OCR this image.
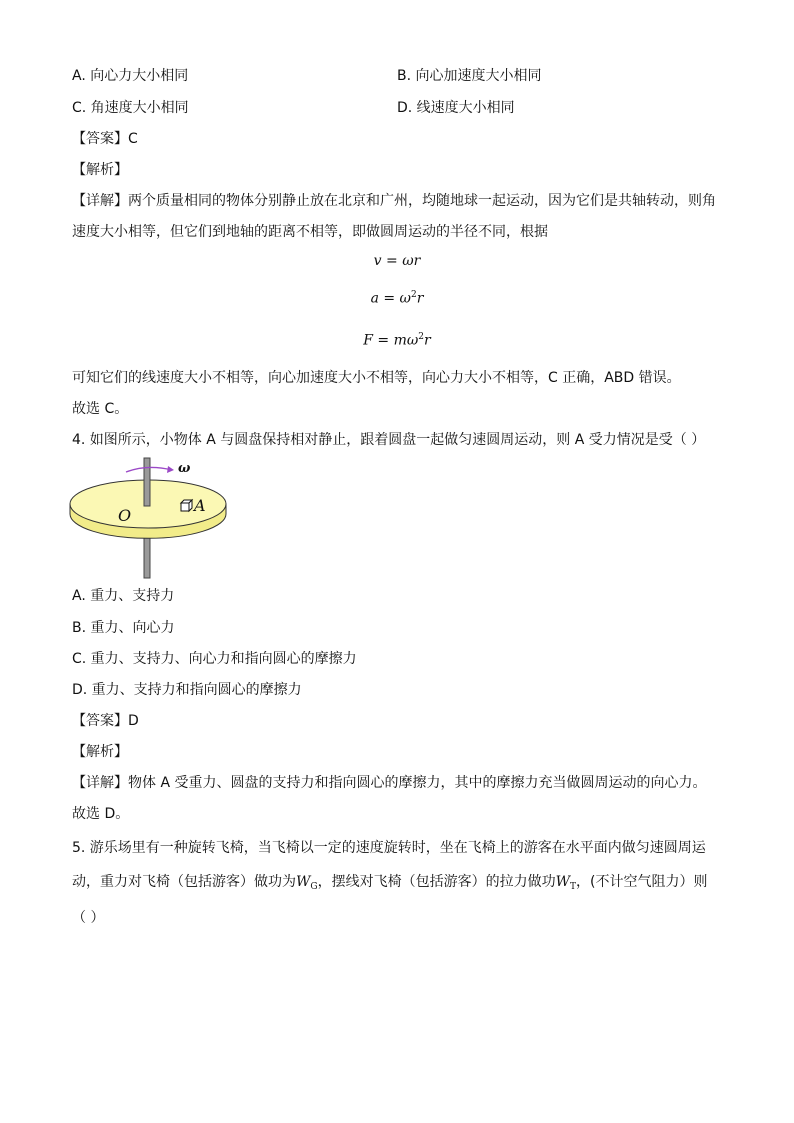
A. 向心力大小相同	B. 向心加速度大小相同
C. 角速度大小相同	D. 线速度大小相同
【答案】C
【解析】
【详解】两个质量相同的物体分别静止放在北京和广州，均随地球一起运动，因为它们是共轴转动，则角
速度大小相等，但它们到地轴的距离不相等，即做圆周运动的半径不同，根据
v = ωr
$a = \omega^2r$
$F = m\omega^2r$
可知它们的线速度大小不相等，向心加速度大小不相等，向心力大小不相等，C 正确，ABD 错误。
故选 C。
4. 如图所示，小物体 A 与圆盘保持相对静止，跟着圆盘一起做匀速圆周运动，则 A 受力情况是受（ ）
ω
O
A
A. 重力、支持力
B. 重力、向心力
C. 重力、支持力、向心力和指向圆心的摩擦力
D. 重力、支持力和指向圆心的摩擦力
【答案】D
【解析】
【详解】物体 A 受重力、圆盘的支持力和指向圆心的摩擦力，其中的摩擦力充当做圆周运动的向心力。
故选 D。
5. 游乐场里有一种旋转飞椅，当飞椅以一定的速度旋转时，坐在飞椅上的游客在水平面内做匀速圆周运
动，重力对飞椅（包括游客）做功为$W_G$，摆线对飞椅（包括游客）的拉力做功$W_T$，(不计空气阻力）则
（ ）
